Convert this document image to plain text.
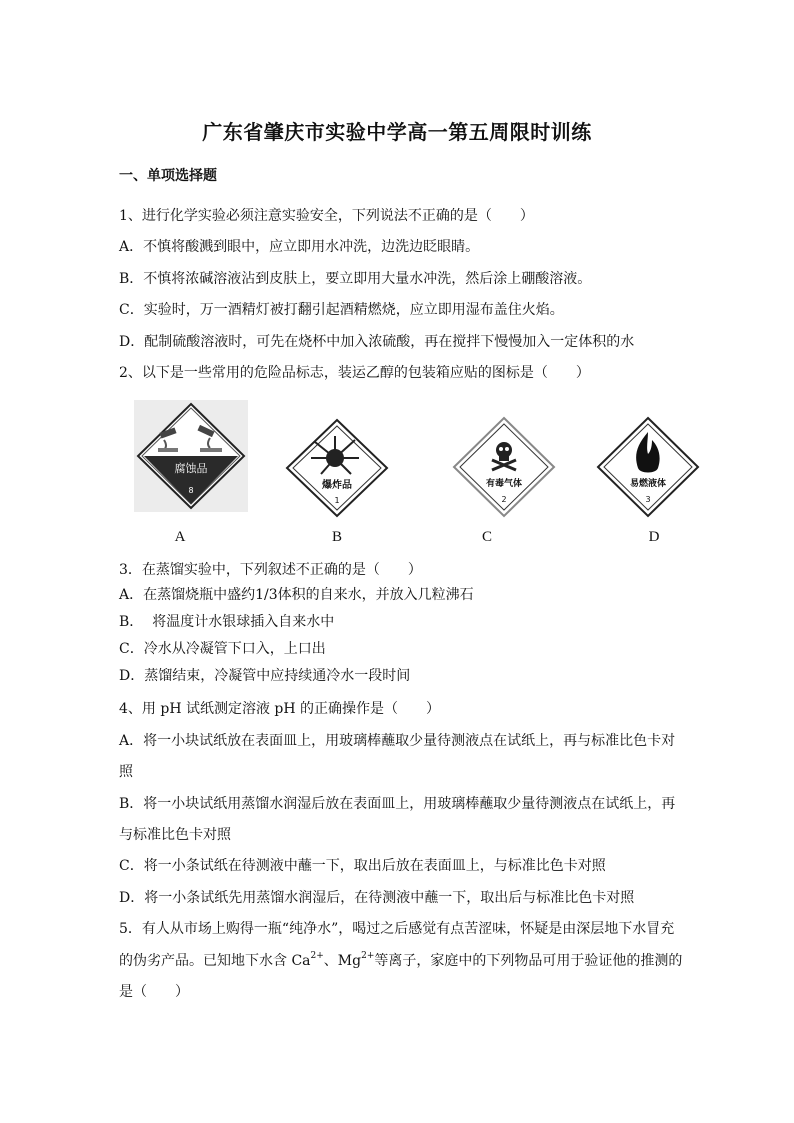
广东省肇庆市实验中学高一第五周限时训练
一、单项选择题
1、进行化学实验必须注意实验安全，下列说法不正确的是（　　）
A．不慎将酸溅到眼中，应立即用水冲洗，边洗边眨眼睛。
B．不慎将浓碱溶液沾到皮肤上，要立即用大量水冲洗，然后涂上硼酸溶液。
C．实验时，万一酒精灯被打翻引起酒精燃烧，应立即用湿布盖住火焰。
D．配制硫酸溶液时，可先在烧杯中加入浓硫酸，再在搅拌下慢慢加入一定体积的水
2、以下是一些常用的危险品标志，装运乙醇的包装箱应贴的图标是（　　）
腐蚀品
8
A
爆炸品
1
B
有毒气体
2
C
易燃液体
3
D
3．在蒸馏实验中，下列叙述不正确的是（　　）
A．在蒸馏烧瓶中盛约1/3体积的自来水，并放入几粒沸石
B．  将温度计水银球插入自来水中
C．冷水从冷凝管下口入，上口出
D．蒸馏结束，冷凝管中应持续通冷水一段时间
4、用 pH 试纸测定溶液 pH 的正确操作是（　　）
A．将一小块试纸放在表面皿上，用玻璃棒蘸取少量待测液点在试纸上，再与标准比色卡对
照
B．将一小块试纸用蒸馏水润湿后放在表面皿上，用玻璃棒蘸取少量待测液点在试纸上，再
与标准比色卡对照
C．将一小条试纸在待测液中蘸一下，取出后放在表面皿上，与标准比色卡对照
D．将一小条试纸先用蒸馏水润湿后，在待测液中蘸一下，取出后与标准比色卡对照
5．有人从市场上购得一瓶“纯净水”，喝过之后感觉有点苦涩味，怀疑是由深层地下水冒充
的伪劣产品。已知地下水含 $Ca^{2+}$、$Mg^{2+}$等离子，家庭中的下列物品可用于验证他的推测的
是（　　）
